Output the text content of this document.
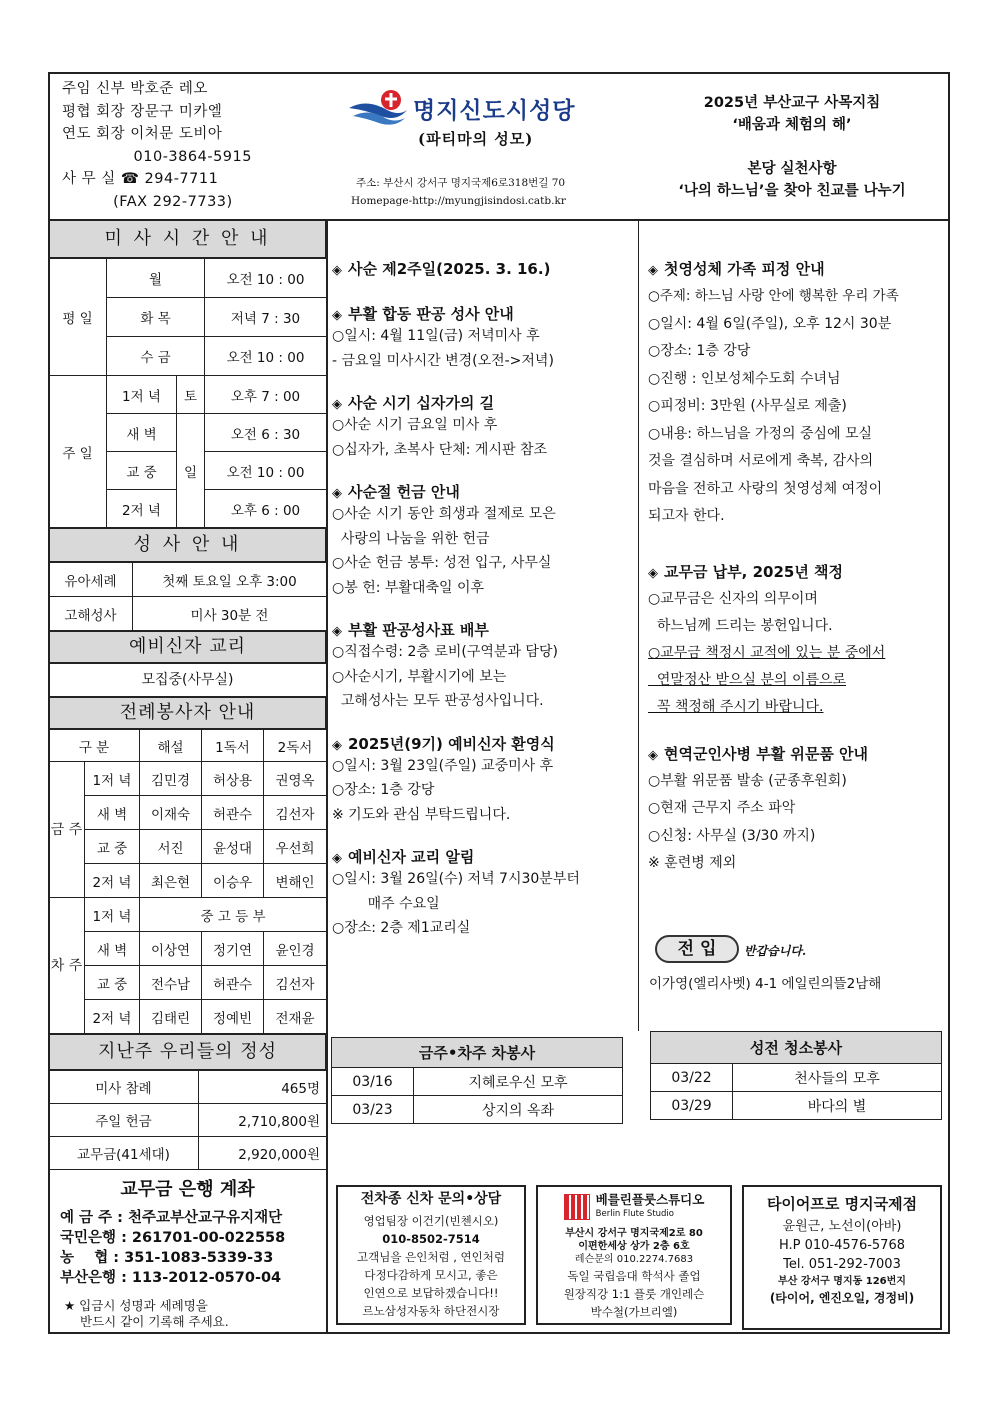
주임 신부 박호준 레오
평협 회장 장문구 미카엘
연도 회장 이처문 도비아
010-3864-5915
사 무 실 ☎ 294-7711
(FAX 292-7733)
명지신도시성당
(파티마의 성모)
주소: 부산시 강서구 명지국제6로318번길 70
Homepage-http://myungjisindosi.catb.kr
2025년 부산교구 사목지침
‘배움과 체험의 해’
본당 실천사항
‘나의 하느님’을 찾아 친교를 나누기
미 사 시 간 안 내
평 일	월		오전 10 : 00
	화 목		저녁 7 : 30
	수 금		오전 10 : 00
주 일	1저 녁	토	오후 7 : 00
	새 벽	일	오전 6 : 30
	교 중		오전 10 : 00
	2저 녁		오후 6 : 00
성 사 안 내
유아세례	첫째 토요일 오후 3:00
고해성사	미사 30분 전
예비신자 교리
모집중(사무실)
전례봉사자 안내
구 분		해설	1독서	2독서
금 주	1저 녁	김민경	허상용	권영옥
	새 벽	이재숙	허관수	김선자
	교 중	서진	윤성대	우선희
	2저 녁	최은현	이승우	변해인
차 주	1저 녁	중 고 등 부		
	새 벽	이상연	정기연	윤인경
	교 중	전수남	허관수	김선자
	2저 녁	김태린	정예빈	전재윤
지난주 우리들의 정성
미사 참례	465명
주일 헌금	2,710,800원
교무금(41세대)	2,920,000원
교무금 은행 계좌
예 금 주 : 천주교부산교구유지재단
국민은행 : 261701-00-022558
농    협 : 351-1083-5339-33
부산은행 : 113-2012-0570-04
★ 입금시 성명과 세례명을
반드시 같이 기록해 주세요.
◈ 사순 제2주일(2025. 3. 16.)
◈ 부활 합동 판공 성사 안내
○일시: 4월 11일(금) 저녁미사 후
- 금요일 미사시간 변경(오전->저녁)
◈ 사순 시기 십자가의 길
○사순 시기 금요일 미사 후
○십자가, 초복사 단체: 게시판 참조
◈ 사순절 헌금 안내
○사순 시기 동안 희생과 절제로 모은
사랑의 나눔을 위한 헌금
○사순 헌금 봉투: 성전 입구, 사무실
○봉 헌: 부활대축일 이후
◈ 부활 판공성사표 배부
○직접수령: 2층 로비(구역분과 담당)
○사순시기, 부활시기에 보는
고해성사는 모두 판공성사입니다.
◈ 2025년(9기) 예비신자 환영식
○일시: 3월 23일(주일) 교중미사 후
○장소: 1층 강당
※ 기도와 관심 부탁드립니다.
◈ 예비신자 교리 알림
○일시: 3월 26일(수) 저녁 7시30분부터
매주 수요일
○장소: 2층 제1교리실
◈ 첫영성체 가족 피정 안내
○주제: 하느님 사랑 안에 행복한 우리 가족
○일시: 4월 6일(주일), 오후 12시 30분
○장소: 1층 강당
○진행 : 인보성체수도회 수녀님
○피정비: 3만원 (사무실로 제출)
○내용: 하느님을 가정의 중심에 모실
것을 결심하며 서로에게 축복, 감사의
마음을 전하고 사랑의 첫영성체 여정이
되고자 한다.
◈ 교무금 납부, 2025년 책정
○교무금은 신자의 의무이며
하느님께 드리는 봉헌입니다.
○교무금 책정시 교적에 있는 분 중에서
연말정산 받으실 분의 이름으로
꼭 책정해 주시기 바랍니다.
◈ 현역군인사병 부활 위문품 안내
○부활 위문품 발송 (군종후원회)
○현재 근무지 주소 파악
○신청: 사무실 (3/30 까지)
※ 훈련병 제외
전 입	반갑습니다.
이가영(엘리사벳) 4-1 에일린의뜰2남해
금주•차주 차봉사	
03/16	지혜로우신 모후
03/23	상지의 옥좌
성전 청소봉사	
03/22	천사들의 모후
03/29	바다의 별
전차종 신차 문의•상담
영업팀장 이건기(빈첸시오)
010-8502-7514
고객님을 은인처럼 , 연인처럼
다정다감하게 모시고, 좋은
인연으로 보답하겠습니다!!
르노삼성자동차 하단전시장
베를린플룻스튜디오
Berlin Flute Studio
부산시 강서구 명지국제2로 80
이편한세상 상가 2층 6호
레슨문의 010.2274.7683
독일 국립음대 학석사 졸업
원장직강 1:1 플룻 개인레슨
박수철(가브리엘)
타이어프로 명지국제점
윤원근, 노선이(아바)
H.P 010-4576-5768
Tel. 051-292-7003
부산 강서구 명지동 126번지
(타이어, 엔진오일, 경정비)
